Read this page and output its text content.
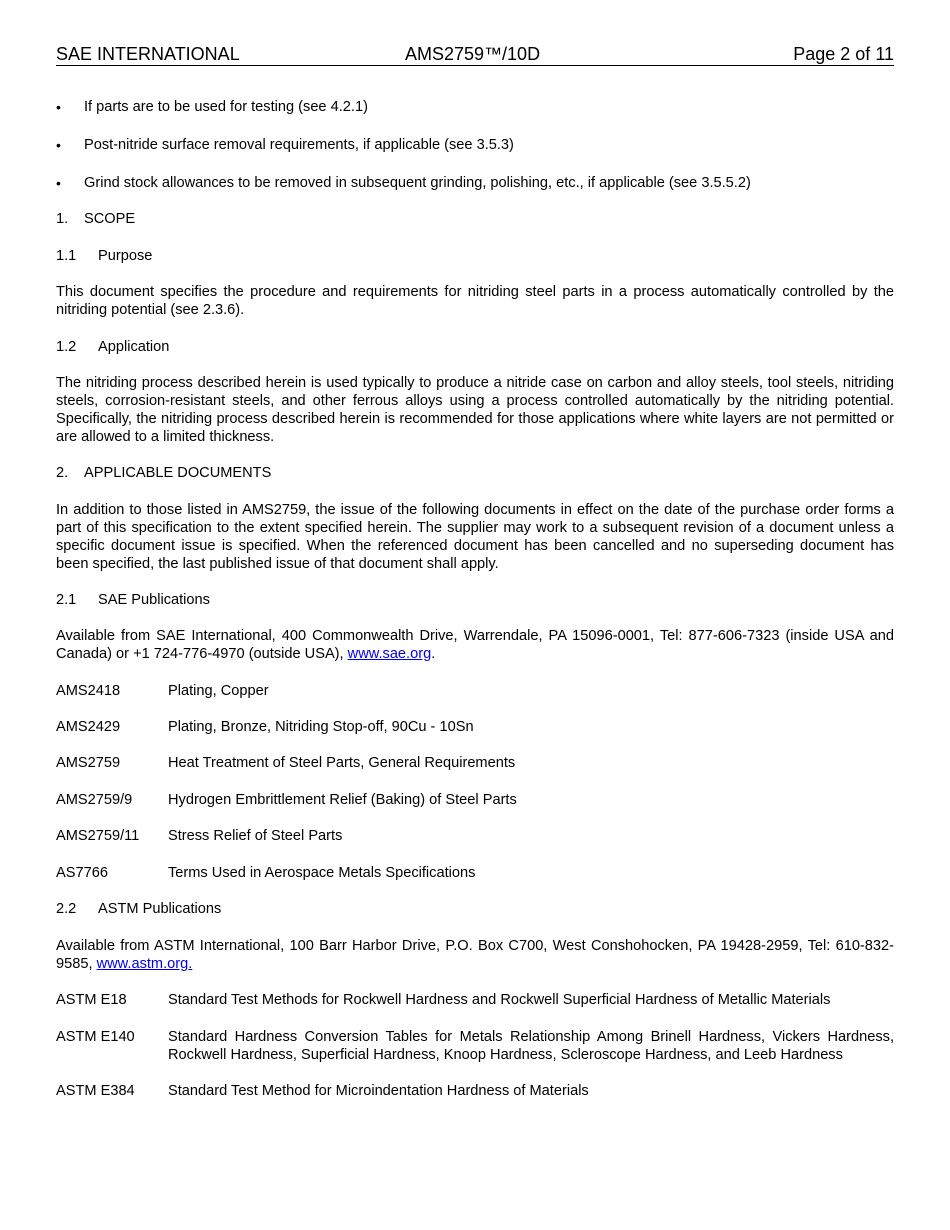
SAE INTERNATIONAL	AMS2759™/10D	Page 2 of 11
• If parts are to be used for testing (see 4.2.1)
• Post-nitride surface removal requirements, if applicable (see 3.5.3)
• Grind stock allowances to be removed in subsequent grinding, polishing, etc., if applicable (see 3.5.5.2)
1. SCOPE
1.1 Purpose
This document specifies the procedure and requirements for nitriding steel parts in a process automatically controlled by the nitriding potential (see 2.3.6).
1.2 Application
The nitriding process described herein is used typically to produce a nitride case on carbon and alloy steels, tool steels, nitriding steels, corrosion-resistant steels, and other ferrous alloys using a process controlled automatically by the nitriding potential. Specifically, the nitriding process described herein is recommended for those applications where white layers are not permitted or are allowed to a limited thickness.
2. APPLICABLE DOCUMENTS
In addition to those listed in AMS2759, the issue of the following documents in effect on the date of the purchase order forms a part of this specification to the extent specified herein. The supplier may work to a subsequent revision of a document unless a specific document issue is specified. When the referenced document has been cancelled and no superseding document has been specified, the last published issue of that document shall apply.
2.1 SAE Publications
Available from SAE International, 400 Commonwealth Drive, Warrendale, PA 15096-0001, Tel: 877-606-7323 (inside USA and Canada) or +1 724-776-4970 (outside USA), www.sae.org.
AMS2418	Plating, Copper
AMS2429	Plating, Bronze, Nitriding Stop-off, 90Cu - 10Sn
AMS2759	Heat Treatment of Steel Parts, General Requirements
AMS2759/9 Hydrogen Embrittlement Relief (Baking) of Steel Parts
AMS2759/11 Stress Relief of Steel Parts
AS7766	Terms Used in Aerospace Metals Specifications
2.2 ASTM Publications
Available from ASTM International, 100 Barr Harbor Drive, P.O. Box C700, West Conshohocken, PA 19428-2959, Tel: 610-832-9585, www.astm.org.
ASTM E18	Standard Test Methods for Rockwell Hardness and Rockwell Superficial Hardness of Metallic Materials
ASTM E140 Standard Hardness Conversion Tables for Metals Relationship Among Brinell Hardness, Vickers Hardness, Rockwell Hardness, Superficial Hardness, Knoop Hardness, Scleroscope Hardness, and Leeb Hardness
ASTM E384 Standard Test Method for Microindentation Hardness of Materials
